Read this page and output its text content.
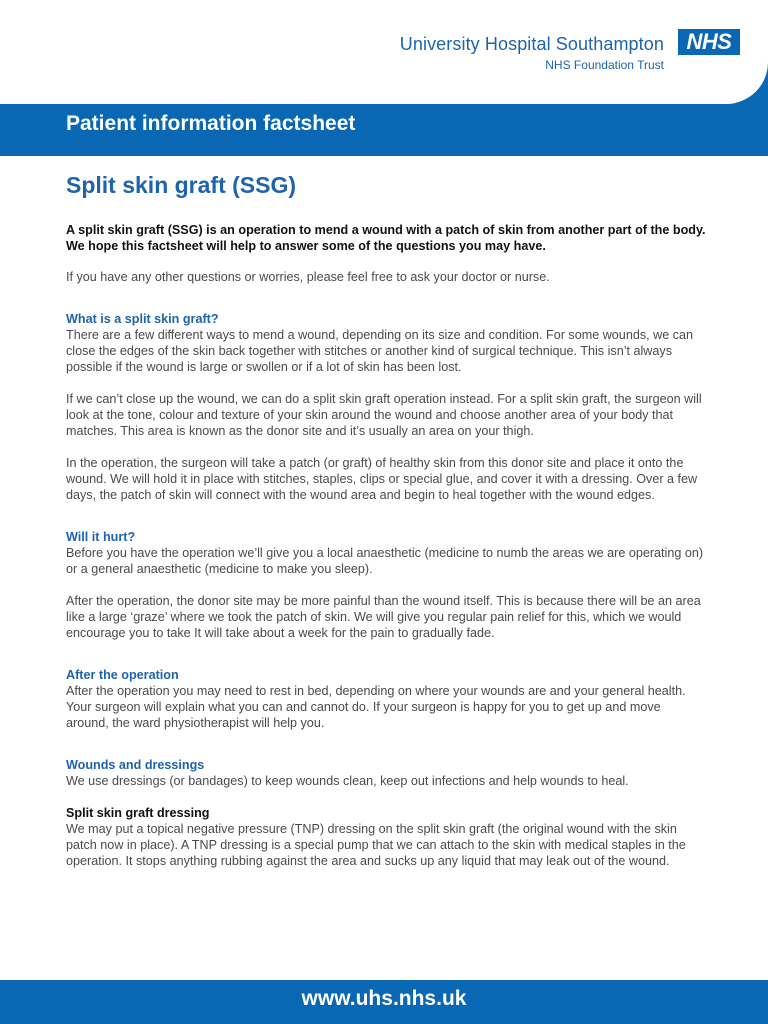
University Hospital Southampton
NHS Foundation Trust
NHS
Patient information factsheet
Split skin graft (SSG)

A split skin graft (SSG) is an operation to mend a wound with a patch of skin from another part of the body. We hope this factsheet will help to answer some of the questions you may have.

If you have any other questions or worries, please feel free to ask your doctor or nurse.

What is a split skin graft?

There are a few different ways to mend a wound, depending on its size and condition. For some wounds, we can close the edges of the skin back together with stitches or another kind of surgical technique. This isn’t always possible if the wound is large or swollen or if a lot of skin has been lost.

If we can’t close up the wound, we can do a split skin graft operation instead. For a split skin graft, the surgeon will look at the tone, colour and texture of your skin around the wound and choose another area of your body that matches. This area is known as the donor site and it’s usually an area on your thigh.

In the operation, the surgeon will take a patch (or graft) of healthy skin from this donor site and place it onto the wound. We will hold it in place with stitches, staples, clips or special glue, and cover it with a dressing. Over a few days, the patch of skin will connect with the wound area and begin to heal together with the wound edges.

Will it hurt?

Before you have the operation we’ll give you a local anaesthetic (medicine to numb the areas we are operating on) or a general anaesthetic (medicine to make you sleep).

After the operation, the donor site may be more painful than the wound itself. This is because there will be an area like a large ‘graze’ where we took the patch of skin. We will give you regular pain relief for this, which we would encourage you to take It will take about a week for the pain to gradually fade.

After the operation

After the operation you may need to rest in bed, depending on where your wounds are and your general health. Your surgeon will explain what you can and cannot do. If your surgeon is happy for you to get up and move around, the ward physiotherapist will help you.

Wounds and dressings

We use dressings (or bandages) to keep wounds clean, keep out infections and help wounds to heal.

Split skin graft dressing

We may put a topical negative pressure (TNP) dressing on the split skin graft (the original wound with the skin patch now in place). A TNP dressing is a special pump that we can attach to the skin with medical staples in the operation. It stops anything rubbing against the area and sucks up any liquid that may leak out of the wound.

www.uhs.nhs.uk
